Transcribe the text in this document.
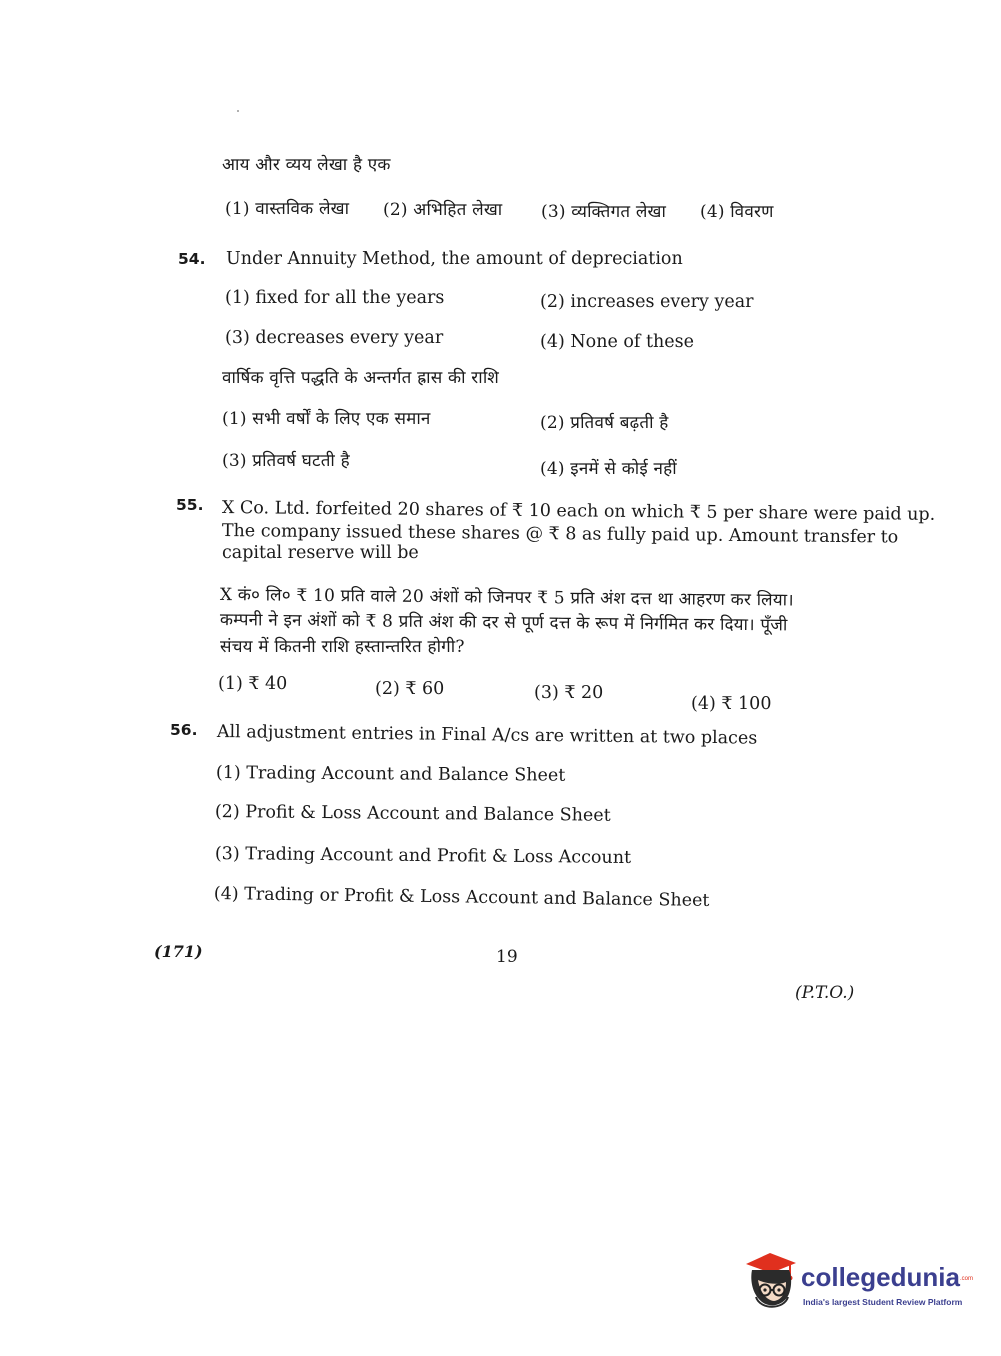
आय और व्यय लेखा है एक
(1) वास्तविक लेखा (2) अभिहित लेखा (3) व्यक्तिगत लेखा (4) विवरण
54. Under Annuity Method, the amount of depreciation
(1) fixed for all the years	(2) increases every year
(3) decreases every year	(4) None of these
वार्षिक वृत्ति पद्धति के अन्तर्गत ह्रास की राशि
(1) सभी वर्षों के लिए एक समान	(2) प्रतिवर्ष बढ़ती है
(3) प्रतिवर्ष घटती है	(4) इनमें से कोई नहीं
55. X Co. Ltd. forfeited 20 shares of ₹ 10 each on which ₹ 5 per share were paid up.
The company issued these shares @ ₹ 8 as fully paid up. Amount transfer to
capital reserve will be
X कं० लि० ₹ 10 प्रति वाले 20 अंशों को जिनपर ₹ 5 प्रति अंश दत्त था आहरण कर लिया।
कम्पनी ने इन अंशों को ₹ 8 प्रति अंश की दर से पूर्ण दत्त के रूप में निर्गमित कर दिया। पूँजी
संचय में कितनी राशि हस्तान्तरित होगी?
(1) ₹ 40	(2) ₹ 60	(3) ₹ 20
(4) ₹ 100
56. All adjustment entries in Final A/cs are written at two places
(1) Trading Account and Balance Sheet
(2) Profit & Loss Account and Balance Sheet
(3) Trading Account and Profit & Loss Account
(4) Trading or Profit & Loss Account and Balance Sheet
(171)	19
(P.T.O.)
collegedunia .com
India's largest Student Review Platform
